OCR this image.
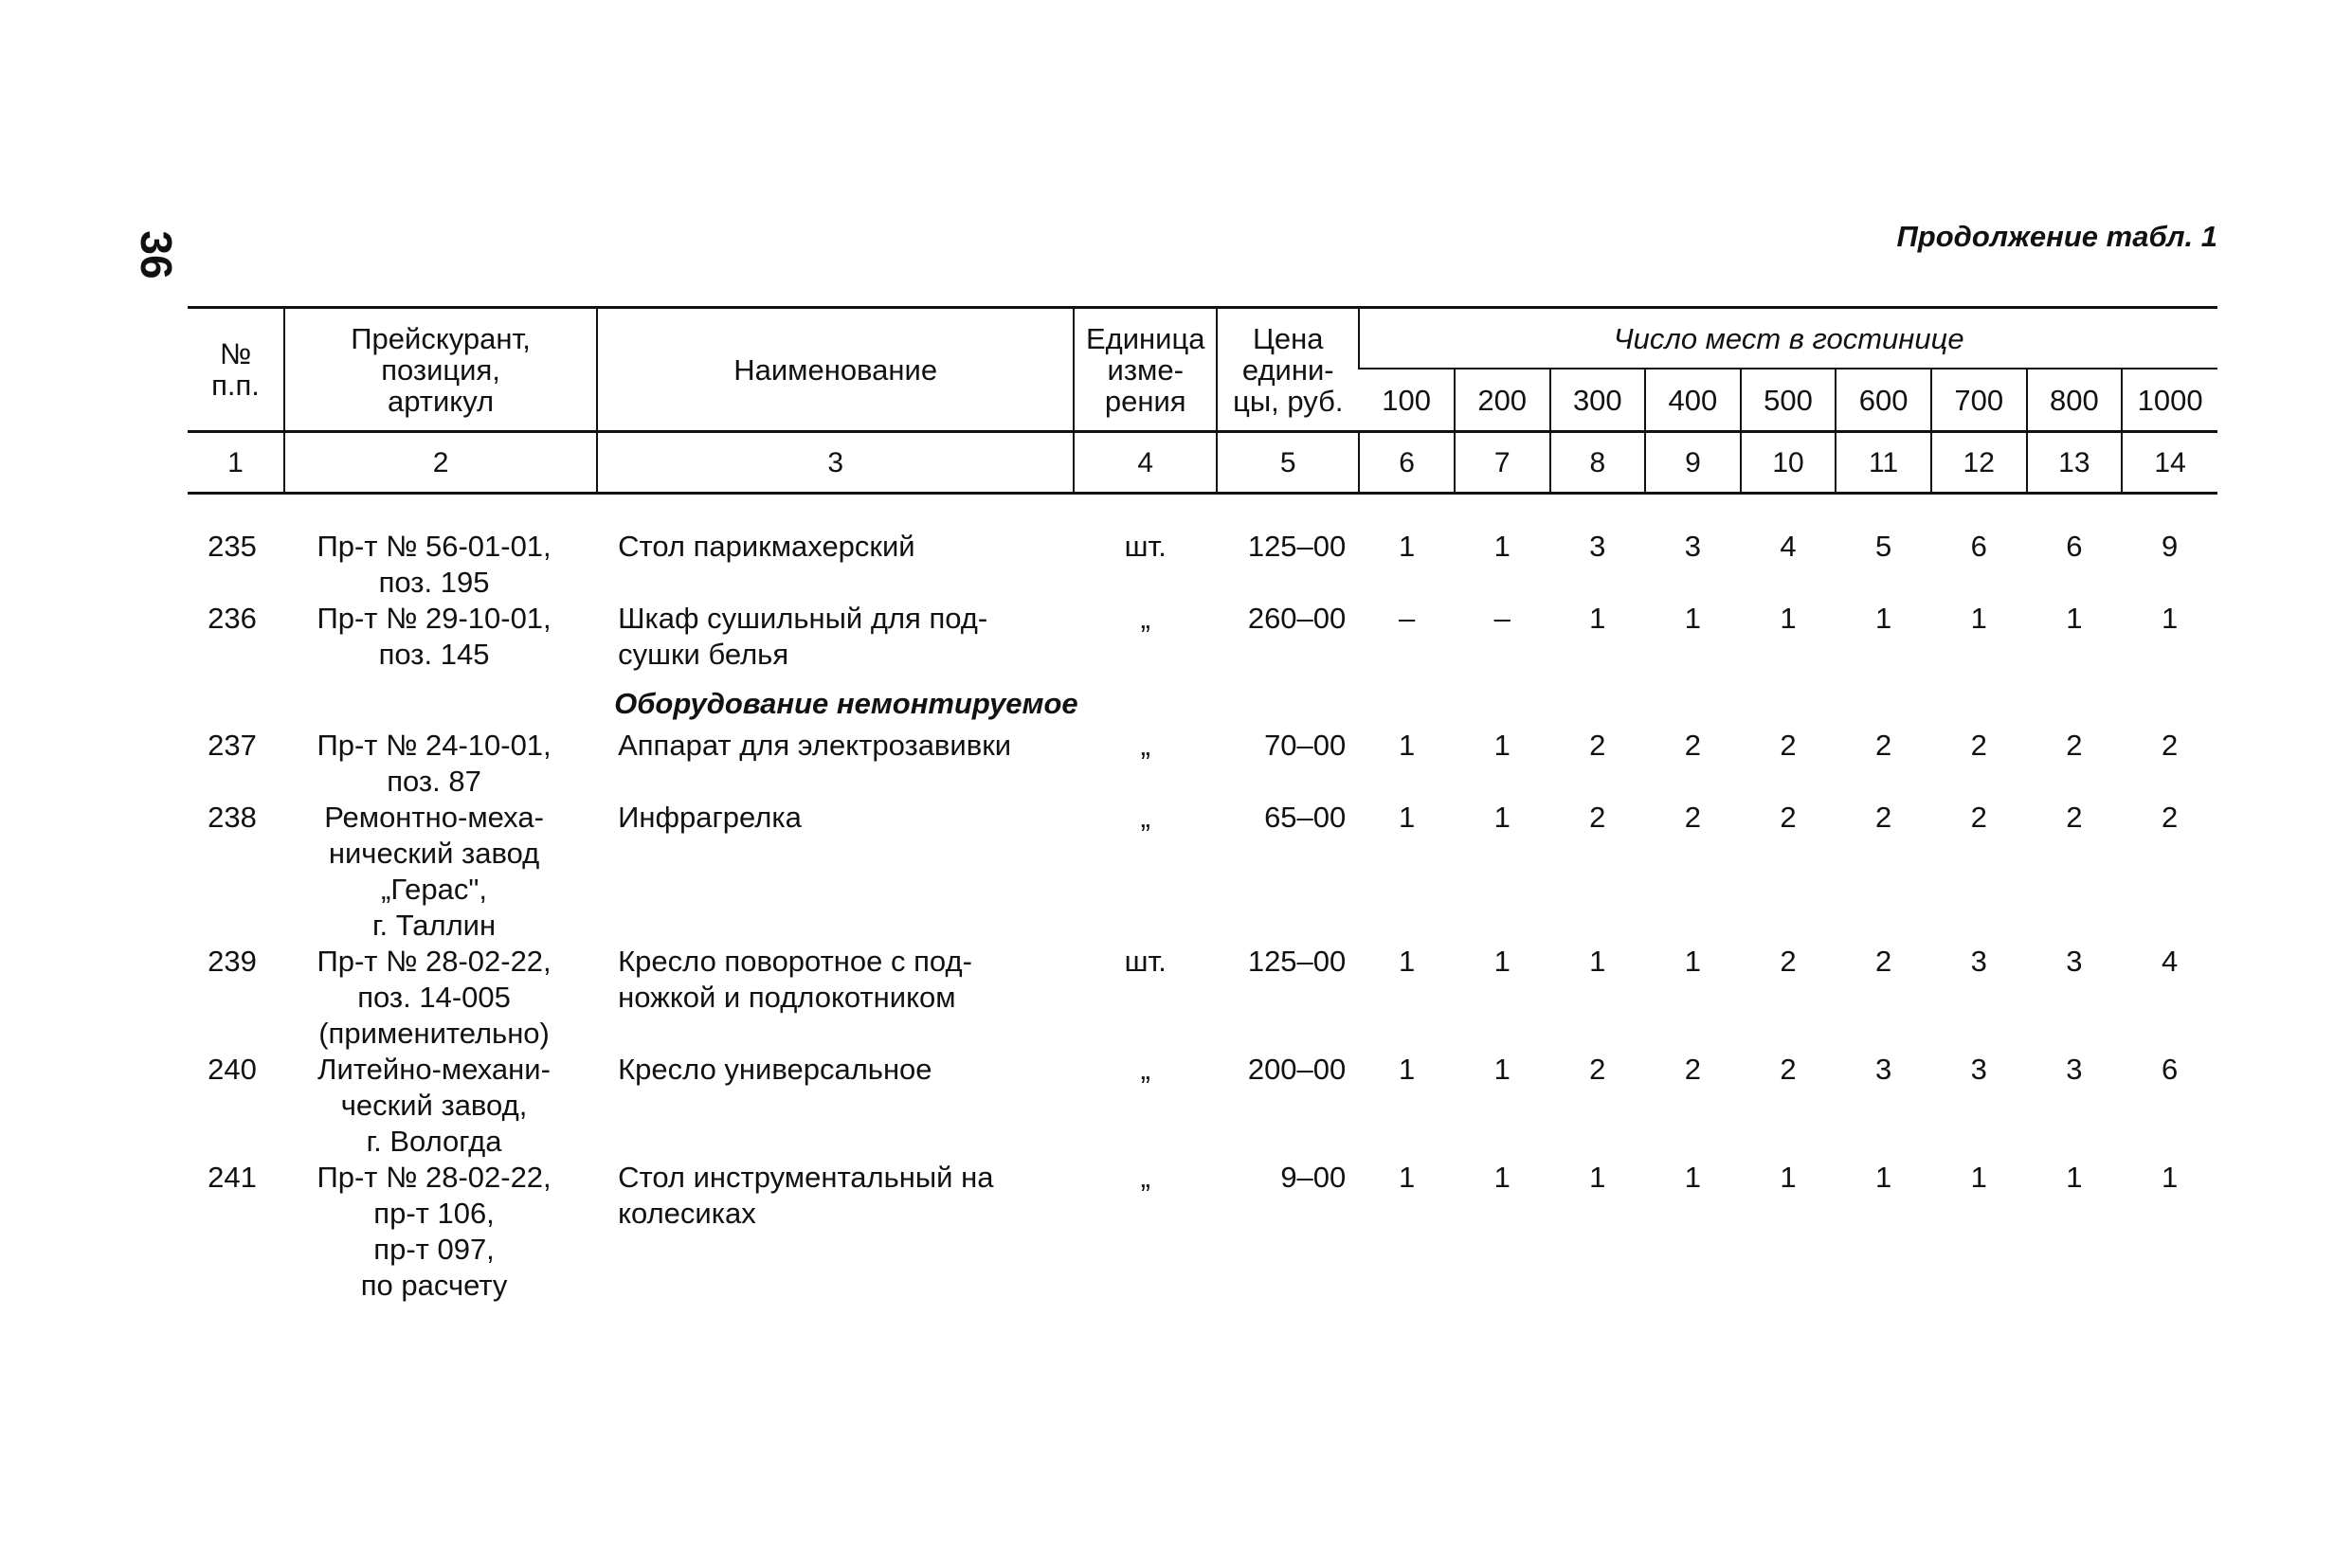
36	Продолжение табл. 1
№
п.п.	Прейскурант,
позиция,
артикул	Наименование	Единица
изме-
рения	Цена
едини-
цы, руб.	Число мест в гостинице								
					100	200	300	400	500	600	700	800	1000
1	2	3	4	5	6	7	8	9	10	11	12	13	14

235	Пр-т № 56-01-01,
поз. 195	Стол парикмахерский	шт.	125–00	1	1	3	3	4	5	6	6	9
236	Пр-т № 29-10-01,
поз. 145	Шкаф сушильный для под-
сушки белья	„	260–00	–	–	1	1	1	1	1	1	1
		Оборудование немонтируемое											
237	Пр-т № 24-10-01,
поз. 87	Аппарат для электрозавивки	„	70–00	1	1	2	2	2	2	2	2	2
238	Ремонтно-меха-
нический завод
„Герас",
г. Таллин	Инфрагрелка	„	65–00	1	1	2	2	2	2	2	2	2
239	Пр-т № 28-02-22,
поз. 14-005
(применительно)	Кресло поворотное с под-
ножкой и подлокотником	шт.	125–00	1	1	1	1	2	2	3	3	4
240	Литейно-механи-
ческий завод,
г. Вологда	Кресло универсальное	„	200–00	1	1	2	2	2	3	3	3	6
241	Пр-т № 28-02-22,
пр-т 106,
пр-т 097,
по расчету	Стол инструментальный на
колесиках	„	9–00	1	1	1	1	1	1	1	1	1
